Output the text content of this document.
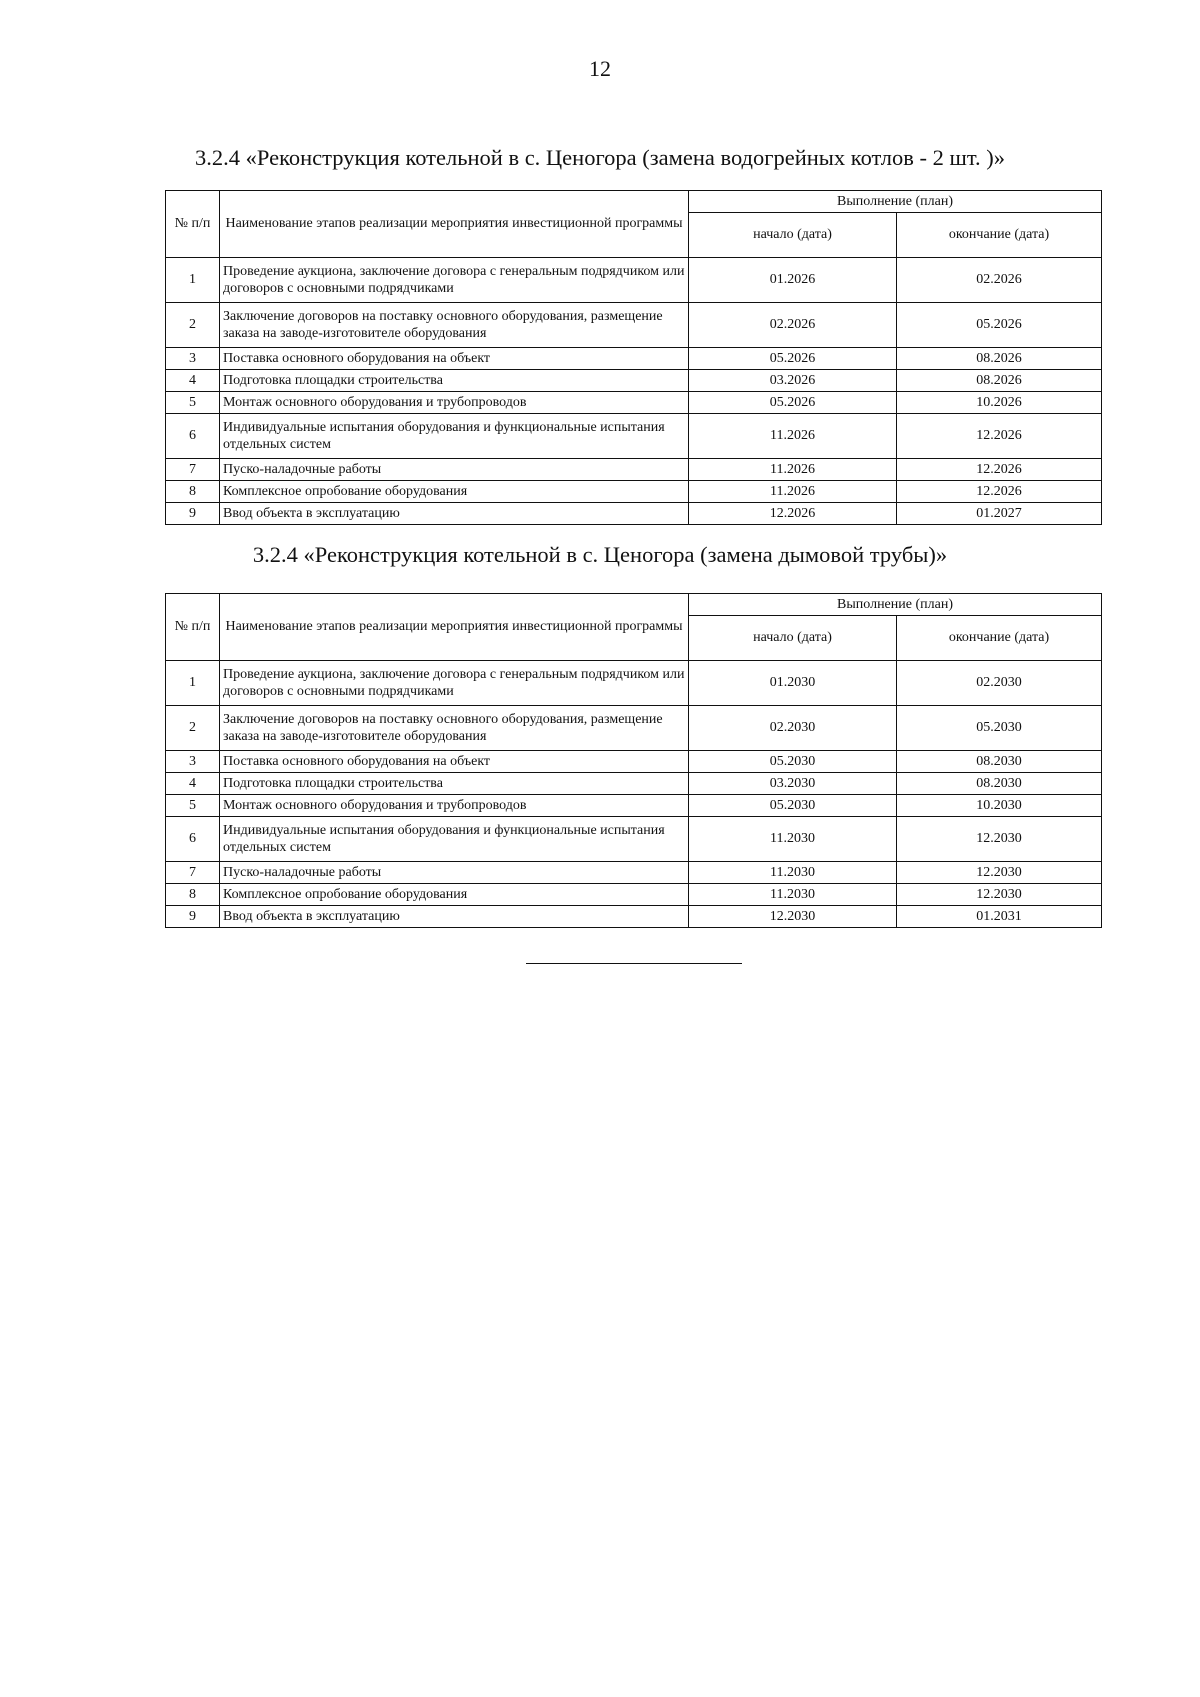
12
3.2.4 «Реконструкция котельной в с. Ценогора (замена водогрейных котлов - 2 шт. )»
№ п/п	Наименование этапов реализации мероприятия инвестиционной программы	Выполнение (план)	
		начало (дата)	окончание (дата)
1	Проведение аукциона, заключение договора с генеральным подрядчиком или договоров с основными подрядчиками	01.2026	02.2026
2	Заключение договоров на поставку основного оборудования, размещение заказа на заводе-изготовителе оборудования	02.2026	05.2026
3	Поставка основного оборудования на объект	05.2026	08.2026
4	Подготовка площадки строительства	03.2026	08.2026
5	Монтаж основного оборудования и трубопроводов	05.2026	10.2026
6	Индивидуальные испытания оборудования и функциональные испытания отдельных систем	11.2026	12.2026
7	Пуско-наладочные работы	11.2026	12.2026
8	Комплексное опробование оборудования	11.2026	12.2026
9	Ввод объекта в эксплуатацию	12.2026	01.2027
3.2.4 «Реконструкция котельной в с. Ценогора (замена дымовой трубы)»
№ п/п	Наименование этапов реализации мероприятия инвестиционной программы	Выполнение (план)	
		начало (дата)	окончание (дата)
1	Проведение аукциона, заключение договора с генеральным подрядчиком или договоров с основными подрядчиками	01.2030	02.2030
2	Заключение договоров на поставку основного оборудования, размещение заказа на заводе-изготовителе оборудования	02.2030	05.2030
3	Поставка основного оборудования на объект	05.2030	08.2030
4	Подготовка площадки строительства	03.2030	08.2030
5	Монтаж основного оборудования и трубопроводов	05.2030	10.2030
6	Индивидуальные испытания оборудования и функциональные испытания отдельных систем	11.2030	12.2030
7	Пуско-наладочные работы	11.2030	12.2030
8	Комплексное опробование оборудования	11.2030	12.2030
9	Ввод объекта в эксплуатацию	12.2030	01.2031
